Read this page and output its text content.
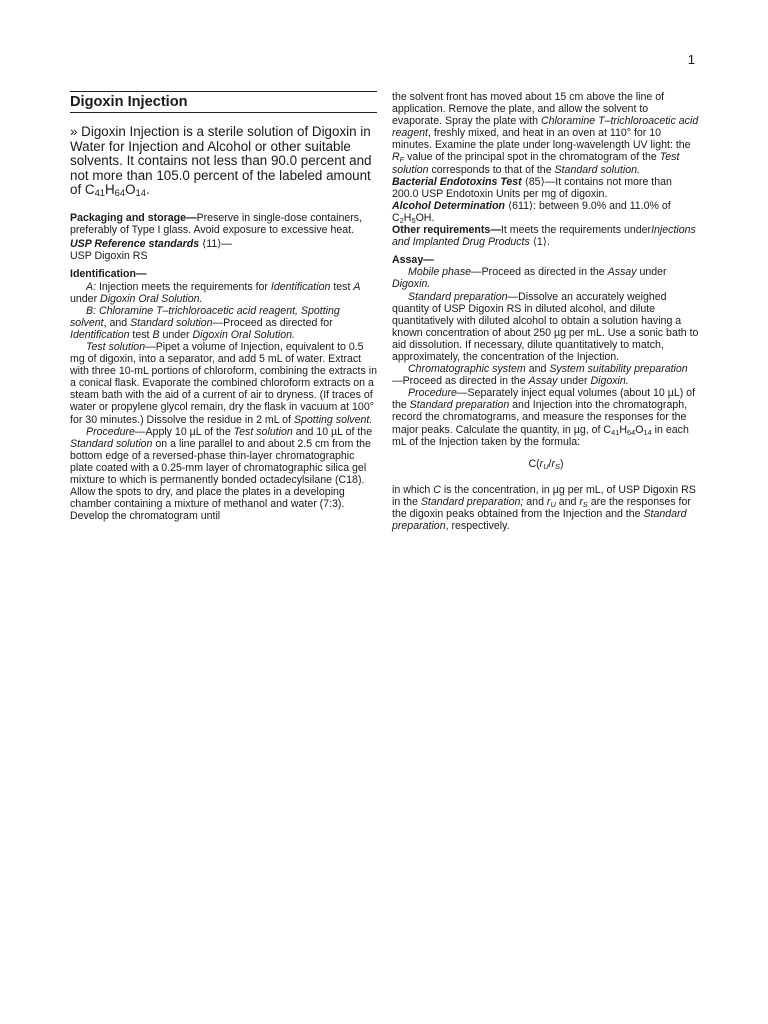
1
Digoxin Injection

» Digoxin Injection is a sterile solution of Digoxin in Water for Injection and Alcohol or other suitable solvents. It contains not less than 90.0 percent and not more than 105.0 percent of the labeled amount of $C_{41}H_{64}O_{14}$.

Packaging and storage—Preserve in single-dose containers, preferably of Type I glass. Avoid exposure to excessive heat.

USP Reference standards ⟨11⟩—

USP Digoxin RS

Identification—

A: Injection meets the requirements for Identification test A under Digoxin Oral Solution.

B: Chloramine T–trichloroacetic acid reagent, Spotting solvent, and Standard solution—Proceed as directed for Identification test B under Digoxin Oral Solution.

Test solution—Pipet a volume of Injection, equivalent to 0.5 mg of digoxin, into a separator, and add 5 mL of water. Extract with three 10-mL portions of chloroform, combining the extracts in a conical flask. Evaporate the combined chloroform extracts on a steam bath with the aid of a current of air to dryness. (If traces of water or propylene glycol remain, dry the flask in vacuum at 100° for 30 minutes.) Dissolve the residue in 2 mL of Spotting solvent.

Procedure—Apply 10 µL of the Test solution and 10 µL of the Standard solution on a line parallel to and about 2.5 cm from the bottom edge of a reversed-phase thin-layer chromatographic plate coated with a 0.25-mm layer of chromatographic silica gel mixture to which is permanently bonded octadecylsilane (C18). Allow the spots to dry, and place the plates in a developing chamber containing a mixture of methanol and water (7:3). Develop the chromatogram until

the solvent front has moved about 15 cm above the line of application. Remove the plate, and allow the solvent to evaporate. Spray the plate with Chloramine T–trichloroacetic acid reagent, freshly mixed, and heat in an oven at 110° for 10 minutes. Examine the plate under long-wavelength UV light: the $R_F$ value of the principal spot in the chromatogram of the Test solution corresponds to that of the Standard solution.

Bacterial Endotoxins Test ⟨85⟩—It contains not more than 200.0 USP Endotoxin Units per mg of digoxin.

Alcohol Determination ⟨611⟩: between 9.0% and 11.0% of $C_2H_5OH$.

Other requirements—It meets the requirements underInjections and Implanted Drug Products ⟨1⟩.

Assay—

Mobile phase—Proceed as directed in the Assay under Digoxin.

Standard preparation—Dissolve an accurately weighed quantity of USP Digoxin RS in diluted alcohol, and dilute quantitatively with diluted alcohol to obtain a solution having a known concentration of about 250 µg per mL. Use a sonic bath to aid dissolution. If necessary, dilute quantitatively to match, approximately, the concentration of the Injection.

Chromatographic system and System suitability preparation —Proceed as directed in the Assay under Digoxin.

Procedure—Separately inject equal volumes (about 10 µL) of the Standard preparation and Injection into the chromatograph, record the chromatograms, and measure the responses for the major peaks. Calculate the quantity, in µg, of $C_{41}H_{64}O_{14}$ in each mL of the Injection taken by the formula:

$C(r_U/r_S)$

in which C is the concentration, in µg per mL, of USP Digoxin RS in the Standard preparation; and $r_U$ and $r_S$ are the responses for the digoxin peaks obtained from the Injection and the Standard preparation, respectively.
